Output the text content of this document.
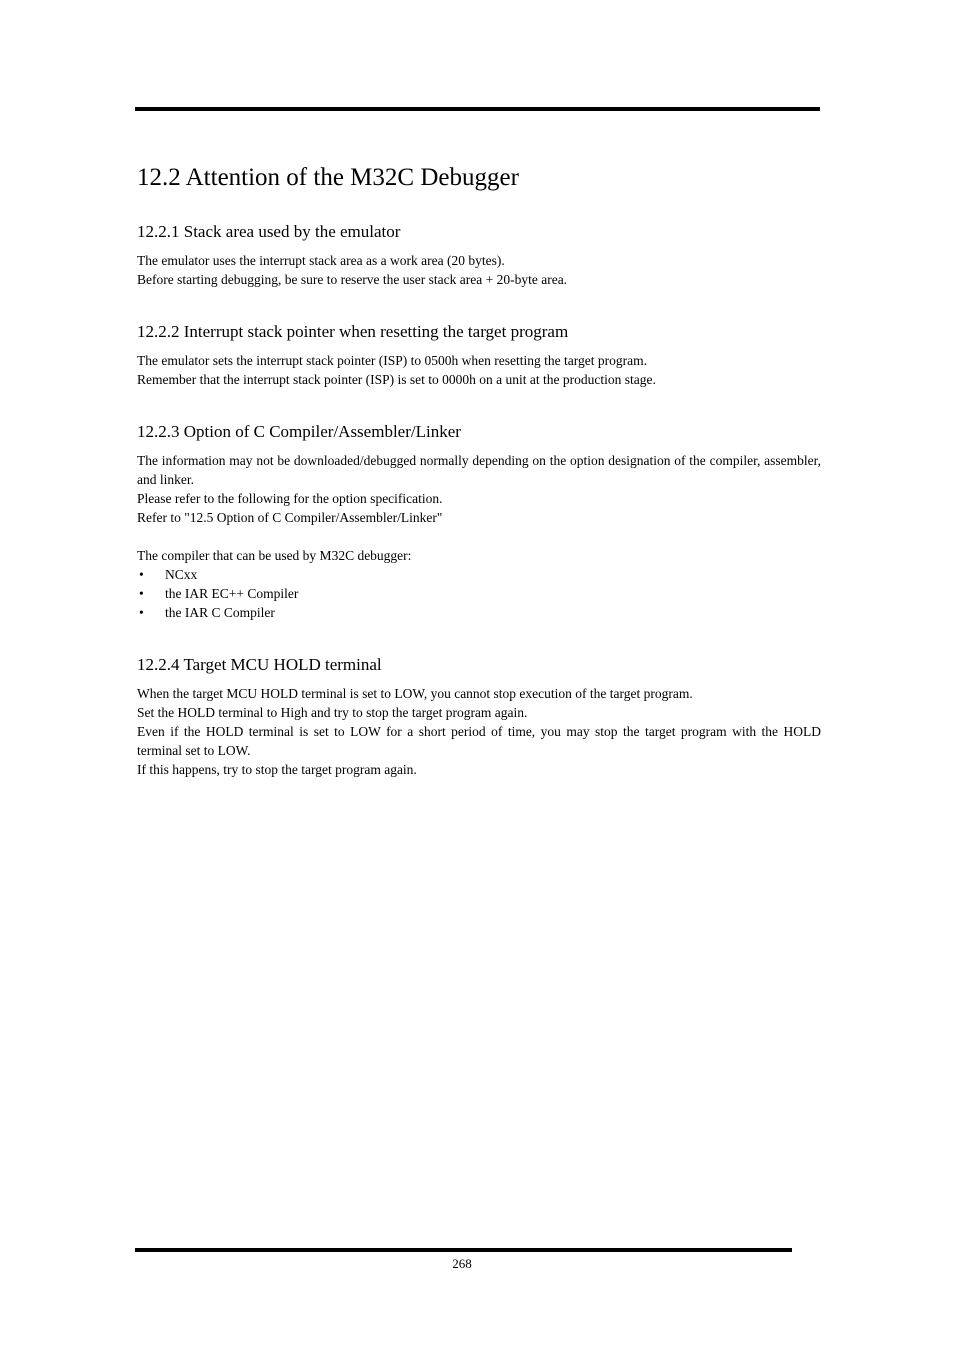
12.2 Attention of the M32C Debugger
12.2.1 Stack area used by the emulator

The emulator uses the interrupt stack area as a work area (20 bytes).

Before starting debugging, be sure to reserve the user stack area + 20-byte area.

12.2.2 Interrupt stack pointer when resetting the target program

The emulator sets the interrupt stack pointer (ISP) to 0500h when resetting the target program.

Remember that the interrupt stack pointer (ISP) is set to 0000h on a unit at the production stage.

12.2.3 Option of C Compiler/Assembler/Linker

The information may not be downloaded/debugged normally depending on the option designation of the compiler, assembler, and linker.

Please refer to the following for the option specification.

Refer to "12.5 Option of C Compiler/Assembler/Linker"

The compiler that can be used by M32C debugger:

• NCxx
• the IAR EC++ Compiler
• the IAR C Compiler
12.2.4 Target MCU HOLD terminal

When the target MCU HOLD terminal is set to LOW, you cannot stop execution of the target program.

Set the HOLD terminal to High and try to stop the target program again.

Even if the HOLD terminal is set to LOW for a short period of time, you may stop the target program with the HOLD terminal set to LOW.

If this happens, try to stop the target program again.

268
